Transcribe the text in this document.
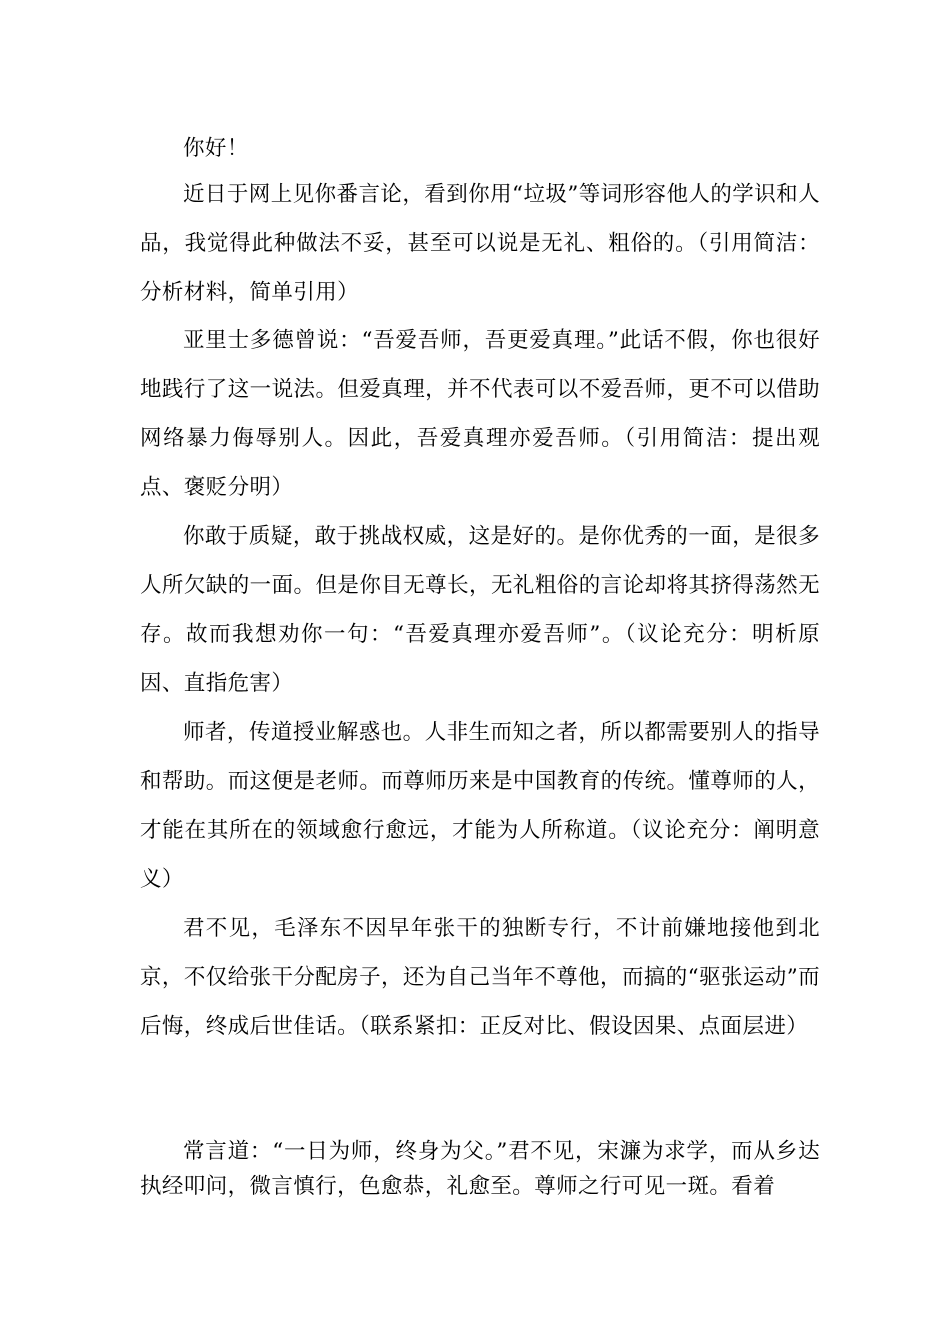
你好！

近日于网上见你番言论，看到你用“垃圾”等词形容他人的学识和人品，我觉得此种做法不妥，甚至可以说是无礼、粗俗的。（引用简洁：分析材料，简单引用）

亚里士多德曾说：“吾爱吾师，吾更爱真理。”此话不假，你也很好地践行了这一说法。但爱真理，并不代表可以不爱吾师，更不可以借助网络暴力侮辱别人。因此，吾爱真理亦爱吾师。（引用简洁：提出观点、褒贬分明）

你敢于质疑，敢于挑战权威，这是好的。是你优秀的一面，是很多人所欠缺的一面。但是你目无尊长，无礼粗俗的言论却将其挤得荡然无存。故而我想劝你一句：“吾爱真理亦爱吾师”。（议论充分：明析原因、直指危害）

师者，传道授业解惑也。人非生而知之者，所以都需要别人的指导和帮助。而这便是老师。而尊师历来是中国教育的传统。懂尊师的人，才能在其所在的领域愈行愈远，才能为人所称道。（议论充分：阐明意义）

君不见，毛泽东不因早年张干的独断专行，不计前嫌地接他到北京，不仅给张干分配房子，还为自己当年不尊他，而搞的“驱张运动”而后悔，终成后世佳话。（联系紧扣：正反对比、假设因果、点面层进）

常言道：“一日为师，终身为父。”君不见，宋濂为求学，而从乡达执经叩问，微言慎行，色愈恭，礼愈至。尊师之行可见一斑。看着
